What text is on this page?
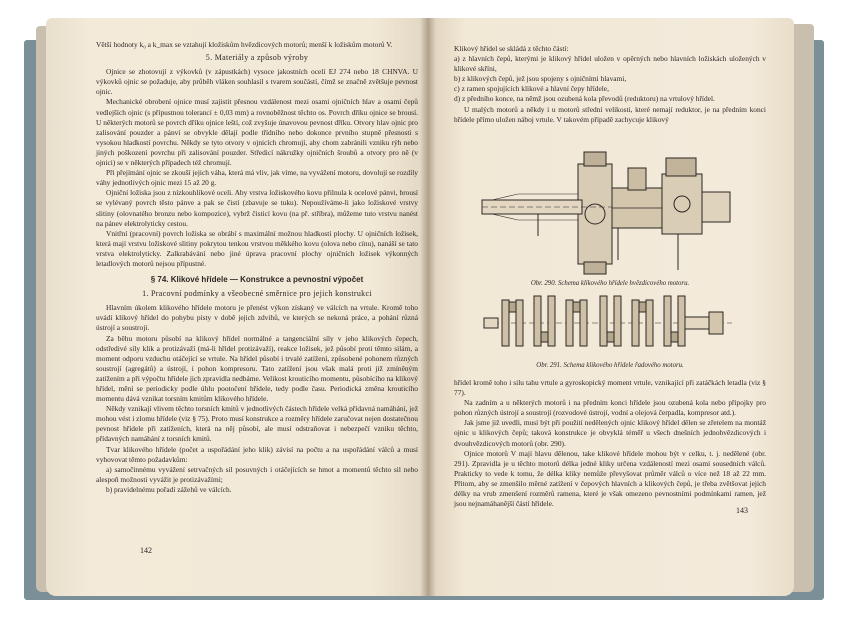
Větší hodnoty k₀ a k_max se vztahují kložiskům hvězdicových motorů; menší k ložiskům motorů V.

5. Materiály a způsob výroby

Ojnice se zhotovují z výkovků (v zápustkách) vysoce jakostních ocelí EJ 274 nebo 18 CHNVA. U výkovků ojnic se požaduje, aby průběh vláken souhlasil s tvarem součástí, čímž se značně zvětšuje pevnost ojnic.

Mechanické obrobení ojnice musí zajistit přesnou vzdálenost mezi osami ojničních hlav a osami čepů vedlejších ojnic (s přípustnou tolerancí ± 0,03 mm) a rovnoběžnost těchto os. Povrch dříku ojnice se brousí. U některých motorů se povrch dříku ojnice leští, což zvyšuje únavovou pevnost dříku. Otvory hlav ojnic pro zalisování pouzder a pánví se obvykle dělají podle třídního nebo dokonce prvního stupně přesnosti s vysokou hladkostí povrchu. Někdy se tyto otvory v ojnicích chromují, aby chom zabránili vzniku rýh nebo jiných poškození povrchu při zalisování pouzder. Středicí nákružky ojničních šroubů a otvory pro ně (v ojnici) se v některých případech též chromují.

Při přejímání ojnic se zkouší jejich váha, která má vliv, jak víme, na vyvážení motoru, dovolují se rozdíly váhy jednotlivých ojnic mezi 15 až 20 g.

Ojniční ložiska jsou z nízkouhlíkové oceli. Aby vrstva ložiskového kovu přilnula k ocelové pánvi, brousí se vylévaný povrch těsto pánve a pak se čistí (zbavuje se tuku). Nepoužíváme-li jako ložiskové vrstvy slitiny (olovnatého bronzu nebo kompozice), vybrž čisticí kovu (na př. stříbra), můžeme tuto vrstvu nanést na pánev elektrolyticky cestou.

Vnitřní (pracovní) povrch ložiska se obrábí s maximální možnou hladkostí plochy. U ojničních ložisek, která mají vrstvu ložiskové slitiny pokrytou tenkou vrstvou měkkého kovu (olova nebo cínu), nanáší se tato vrstva elektrolyticky. Zalkrabávání nebo jiné úprava pracovní plochy ojničních ložisek výkonných letadlových motorů nejsou přípustné.

§ 74. Klikové hřídele — Konstrukce a pevnostní výpočet

1. Pracovní podmínky a všeobecné směrnice pro jejich konstrukci

Hlavním úkolem klikového hřídele motoru je přenést výkon získaný ve válcích na vrtule. Kromě toho uvádí klikový hřídel do pohybu písty v době jejich zdvihů, ve kterých se nekoná práce, a pohání různá ústrojí a soustrojí.

Za běhu motoru působí na klikový hřídel normálné a tangenciální síly v jeho klikových čepech, odstředivé síly klik a protizávaží (má-li hřídel protizávaží), reakce ložisek, jež působí proti těmto silám, a moment odporu vzduchu otáčející se vrtule. Na hřídel působí i trvalé zatížení, způsobené pohonem různých soustrojí (agregátů) a ústrojí, i pohon kompresoru. Tato zatížení jsou však malá proti již zmíněným zatížením a při výpočtu hřídele jich zpravidla nedbáme. Velikost krouticího momentu, působícího na klikový hřídel, mění se periodicky podle úhlu pootočení hřídele, tedy podle času. Periodická změna krouticího momentu dává vznikat torsním kmitům klikového hřídele.

Někdy vznikají vlivem těchto torsních kmitů v jednotlivých částech hřídele velká přídavná namáhání, jež mohou vést i zlomu hřídele (viz § 75). Proto musí konstrukce a rozměry hřídele zaručovat nejen dostatečnou pevnost hřídele při zatíženích, která na něj působí, ale musí odstraňovat i nebezpečí vzniku těchto, přídavných namáhání z torsních kmitů.

Tvar klikového hřídele (počet a uspořádání jeho klik) závisí na počtu a na uspořádání válců a musí vyhovovat těmto požadavkům:

a) samočinnému vyvážení setrvačných sil posuvných i otáčejících se hmot a momentů těchto sil nebo alespoň možnosti vyvážit je protizávažími;

b) pravidelnému pořadí zážehů ve válcích.

142

Klikový hřídel se skládá z těchto částí:

a) z hlavních čepů, kterými je klikový hřídel uložen v opěrných nebo hlavních ložiskách uložených v klikové skříni,

b) z klikových čepů, jež jsou spojeny s ojničními hlavami,

c) z ramen spojujících klikové a hlavní čepy hřídele,

d) z předního konce, na němž jsou ozubená kola převodů (reduktoru) na vrtulový hřídel.

U malých motorů a někdy i u motorů střední velikosti, které nemají reduktor, je na předním konci hřídele přímo uložen náboj vrtule. V takovém případě zachycuje klikový

Obr. 290. Schema klikového hřídele hvězdicového motoru.
Obr. 291. Schema klikového hřídele řadového motoru.

hřídel kromě toho i silu tahu vrtule a gyroskopický moment vrtule, vznikající při zatáčkách letadla (viz § 77).

Na zadním a u některých motorů i na předním konci hřídele jsou ozubená kola nebo připojky pro pohon různých ústrojí a soustrojí (rozvodové ústrojí, vodní a olejová čerpadla, kompresor atd.).

Jak jsme již uvedli, musí být při použití nedělených ojnic klikový hřídel dělen se zřetelem na montáž ojnic u klikových čepů; taková konstrukce je obvyklá téměř u všech dnešních jednohvězdicových i dvouhvězdicových motorů (obr. 290).

Ojnice motorů V mají hlavu dělenou, take klikové hřídele mohou být v celku, t. j. nedělené (obr. 291). Zpravidla je u těchto motorů délka jedné kliky určena vzdáleností mezi osami sousedních válců. Prakticky to vede k tomu, že délka kliky nemůže převyšovat průměr válců o více než 18 až 22 mm. Přitom, aby se zmenšilo měrné zatížení v čepových hlavních a klikových čepů, je třeba zvětšovat jejich délky na vrub zmenšení rozměrů ramena, které je však omezeno pevnostními podmínkami ramen, jež jsou nejnamáhanější částí hřídele.

143
